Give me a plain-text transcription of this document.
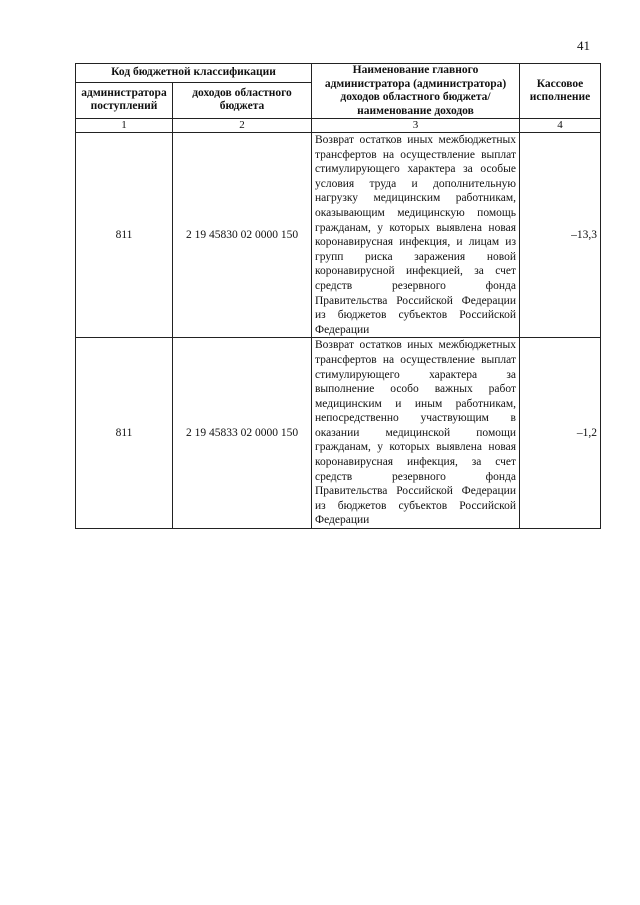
41
Код бюджетной классификации		Наименование главного администратора (администратора) доходов областного бюджета/ наименование доходов	Кассовое исполнение
администратора поступлений	доходов областного бюджета		
1	2	3	4
811	2 19 45830 02 0000 150	Возврат остатков иных межбюджетных трансфертов на осуществление выплат стимулирующего характера за особые условия труда и дополнительную нагрузку медицинским работникам, оказывающим медицинскую помощь гражданам, у которых выявлена новая коронавирусная инфекция, и лицам из групп риска заражения новой коронавирусной инфекцией, за счет средств резервного фонда Правительства Российской Федерации из бюджетов субъектов Российской Федерации	–13,3
811	2 19 45833 02 0000 150	Возврат остатков иных межбюджетных трансфертов на осуществление выплат стимулирующего характера за выполнение особо важных работ медицинским и иным работникам, непосредственно участвующим в оказании медицинской помощи гражданам, у которых выявлена новая коронавирусная инфекция, за счет средств резервного фонда Правительства Российской Федерации из бюджетов субъектов Российской Федерации	–1,2
